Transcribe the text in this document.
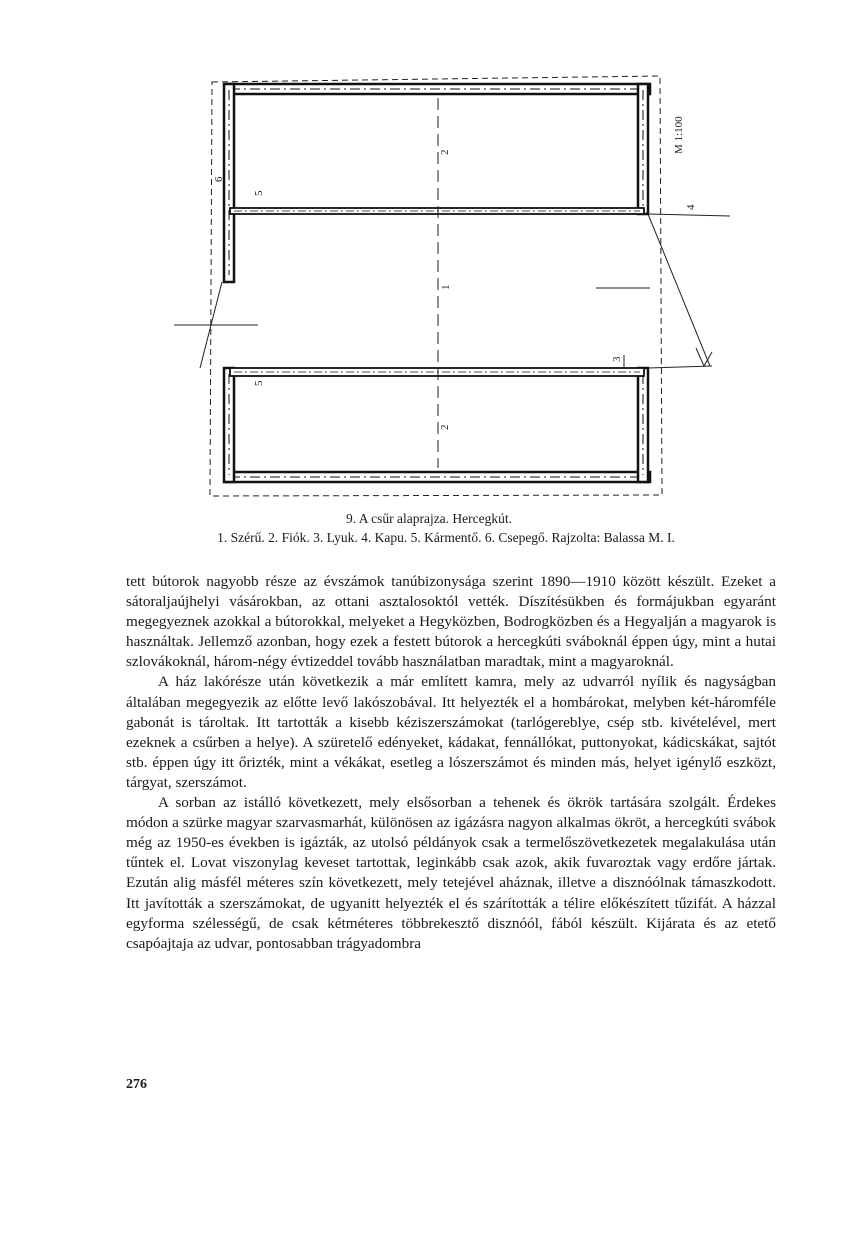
2
1
2
5
5
6
3
4
M 1:100
9. A csűr alaprajza. Hercegkút.
1. Szérű. 2. Fiók. 3. Lyuk. 4. Kapu. 5. Kármentő. 6. Csepegő. Rajzolta: Balassa M. I.

tett bútorok nagyobb része az évszámok tanúbizonysága szerint 1890—1910 között készült. Ezeket a sátoraljaújhelyi vásárokban, az ottani asztalosoktól vették. Díszítésükben és formájukban egyaránt megegyeznek azokkal a bútorokkal, melyeket a Hegyközben, Bodrogközben és a Hegyalján a magyarok is használtak. Jellemző azonban, hogy ezek a festett bútorok a hercegkúti sváboknál éppen úgy, mint a hutai szlovákoknál, három-négy évtizeddel tovább használatban maradtak, mint a magyaroknál.

A ház lakórésze után következik a már említett kamra, mely az udvarról nyílik és nagyságban általában megegyezik az előtte levő lakószobával. Itt helyezték el a hombárokat, melyben két-háromféle gabonát is tároltak. Itt tartották a kisebb kéziszerszámokat (tarlógereblye, csép stb. kivételével, mert ezeknek a csűrben a helye). A szüretelő edényeket, kádakat, fennállókat, puttonyokat, kádicskákat, sajtót stb. éppen úgy itt őrizték, mint a vékákat, esetleg a lószerszámot és minden más, helyet igénylő eszközt, tárgyat, szerszámot.

A sorban az istálló következett, mely elsősorban a tehenek és ökrök tartására szolgált. Érdekes módon a szürke magyar szarvasmarhát, különösen az igázásra nagyon alkalmas ökröt, a hercegkúti svábok még az 1950-es években is igázták, az utolsó példányok csak a termelőszövetkezetek megalakulása után tűntek el. Lovat viszonylag keveset tartottak, leginkább csak azok, akik fuvaroztak vagy erdőre jártak. Ezután alig másfél méteres szín következett, mely tetejével aháznak, illetve a disznóólnak támaszkodott. Itt javították a szerszámokat, de ugyanitt helyezték el és szárították a télire előkészített tűzifát. A házzal egyforma szélességű, de csak kétméteres többrekesztő disznóól, fából készült. Kijárata és az etető csapóajtaja az udvar, pontosabban trágyadombra

276
